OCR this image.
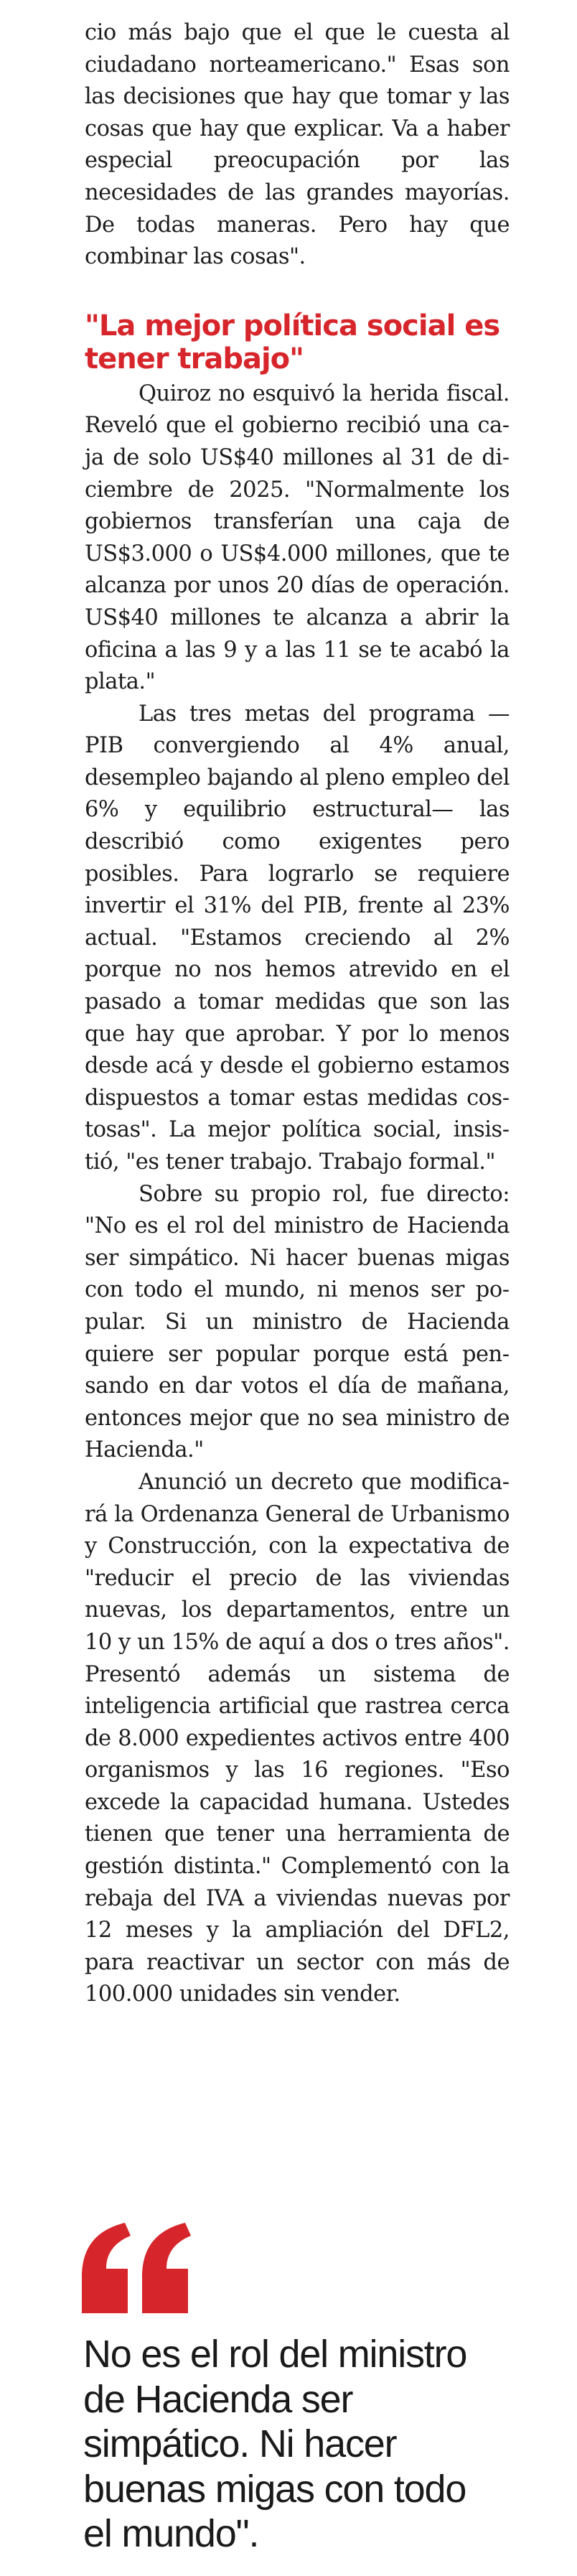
cio más bajo que el que le cuesta al ciudadano norteamericano." Esas son las decisiones que hay que tomar y las cosas que hay que explicar. Va a haber especial preocupación por las necesidades de las grandes mayorías. De todas maneras. Pero hay que combinar las cosas".

"La mejor política social es tener trabajo"

Quiroz no esquivó la herida fiscal. Reveló que el gobierno recibió una caja de solo US$40 millones al 31 de diciembre de 2025. "Normalmente los gobiernos transferían una caja de US$3.000 o US$4.000 millones, que te alcanza por unos 20 días de operación. US$40 millones te alcanza a abrir la oficina a las 9 y a las 11 se te acabó la plata."

Las tres metas del programa —PIB convergiendo al 4% anual, desempleo bajando al pleno empleo del 6% y equilibrio estructural— las describió como exigentes pero posibles. Para lograrlo se requiere invertir el 31% del PIB, frente al 23% actual. "Estamos creciendo al 2% porque no nos hemos atrevido en el pasado a tomar medidas que son las que hay que aprobar. Y por lo menos desde acá y desde el gobierno estamos dispuestos a tomar estas medidas costosas". La mejor política social, insistió, "es tener trabajo. Trabajo formal."

Sobre su propio rol, fue directo: "No es el rol del ministro de Hacienda ser simpático. Ni hacer buenas migas con todo el mundo, ni menos ser popular. Si un ministro de Hacienda quiere ser popular porque está pensando en dar votos el día de mañana, entonces mejor que no sea ministro de Hacienda."

Anunció un decreto que modificará la Ordenanza General de Urbanismo y Construcción, con la expectativa de "reducir el precio de las viviendas nuevas, los departamentos, entre un 10 y un 15% de aquí a dos o tres años". Presentó además un sistema de inteligencia artificial que rastrea cerca de 8.000 expedientes activos entre 400 organismos y las 16 regiones. "Eso excede la capacidad humana. Ustedes tienen que tener una herramienta de gestión distinta." Complementó con la rebaja del IVA a viviendas nuevas por 12 meses y la ampliación del DFL2, para reactivar un sector con más de 100.000 unidades sin vender.

No es el rol del ministro
de Hacienda ser
simpático. Ni hacer
buenas migas con todo
el mundo".
